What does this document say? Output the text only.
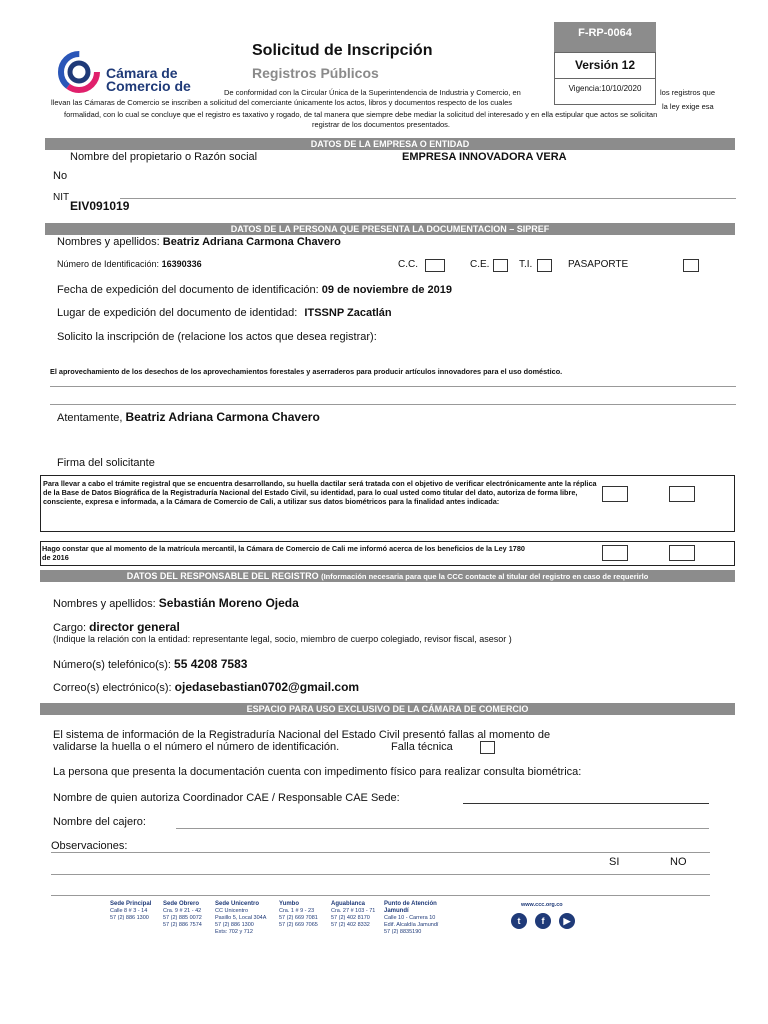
Cámara de
Comercio de
Solicitud de Inscripción
Registros Públicos
F-RP-0064
Versión 12
Vigencia:10/10/2020
De conformidad con la Circular Única de la Superintendencia de Industria y Comercio, en	los registros que
llevan las Cámaras de Comercio se inscriben a solicitud del comerciante únicamente los actos, libros y documentos respecto de los cuales	la ley exige esa
formalidad, con lo cual se concluye que el registro es taxativo y rogado, de tal manera que siempre debe mediar la solicitud del interesado y en ella estipular que actos se solicitan
registrar de los documentos presentados.
DATOS DE LA EMPRESA O ENTIDAD
Nombre del propietario o Razón social	EMPRESA INNOVADORA VERA
No
NIT
EIV091019
DATOS DE LA PERSONA QUE PRESENTA LA DOCUMENTACION – SIPREF
Nombres y apellidos: Beatriz Adriana Carmona Chavero
Número de Identificación: 16390336	C.C.	C.E.	T.I.	PASAPORTE
Fecha de expedición del documento de identificación: 09 de noviembre de 2019
Lugar de expedición del documento de identidad: ITSSNP Zacatlán
Solicito la inscripción de (relacione los actos que desea registrar):
El aprovechamiento de los desechos de los aprovechamientos forestales y aserraderos para producir artículos innovadores para el uso doméstico.
Atentamente, Beatriz Adriana Carmona Chavero
Firma del solicitante
Para llevar a cabo el trámite registral que se encuentra desarrollando, su huella dactilar será tratada con el objetivo de verificar electrónicamente ante la réplica de la Base de Datos Biográfica de la Registraduría Nacional del Estado Civil, su identidad, para lo cual usted como titular del dato, autoriza de forma libre, consciente, expresa e informada, a la Cámara de Comercio de Cali, a utilizar sus datos biométricos para la finalidad antes indicada:
Hago constar que al momento de la matrícula mercantil, la Cámara de Comercio de Cali me informó acerca de los beneficios de la Ley 1780 de 2016
DATOS DEL RESPONSABLE DEL REGISTRO (Información necesaria para que la CCC contacte al titular del registro en caso de requerirlo
Nombres y apellidos: Sebastián Moreno Ojeda
Cargo: director general
(Indique la relación con la entidad: representante legal, socio, miembro de cuerpo colegiado, revisor fiscal, asesor )
Número(s) telefónico(s): 55 4208 7583
Correo(s) electrónico(s): ojedasebastian0702@gmail.com
ESPACIO PARA USO EXCLUSIVO DE LA CÁMARA DE COMERCIO
El sistema de información de la Registraduría Nacional del Estado Civil presentó fallas al momento de
validarse la huella o el número el número de identificación.	Falla técnica
La persona que presenta la documentación cuenta con impedimento físico para realizar consulta biométrica:
Nombre de quien autoriza Coordinador CAE / Responsable CAE Sede:
Nombre del cajero:
Observaciones:
SI	NO
Sede Principal
Calle 8 # 3 - 14
57 (2) 886 1300
Sede Obrero
Cra. 9 # 21 - 42
57 (2) 885 0072
57 (2) 886 7574
Sede Unicentro
CC Unicentro
Pasillo 5, Local 304A
57 (2) 886 1300
Exts: 702 y 712
Yumbo
Cra. 1 # 9 - 23
57 (2) 669 7081
57 (2) 669 7065
Aguablanca
Cra. 27 # 103 - 71
57 (2) 402 8170
57 (2) 402 8332
Punto de Atención Jamundí
Calle 10 - Carrera 10
Edif. Alcaldía Jamundí
57 (2) 8835190
www.ccc.org.co
t	f	▶
